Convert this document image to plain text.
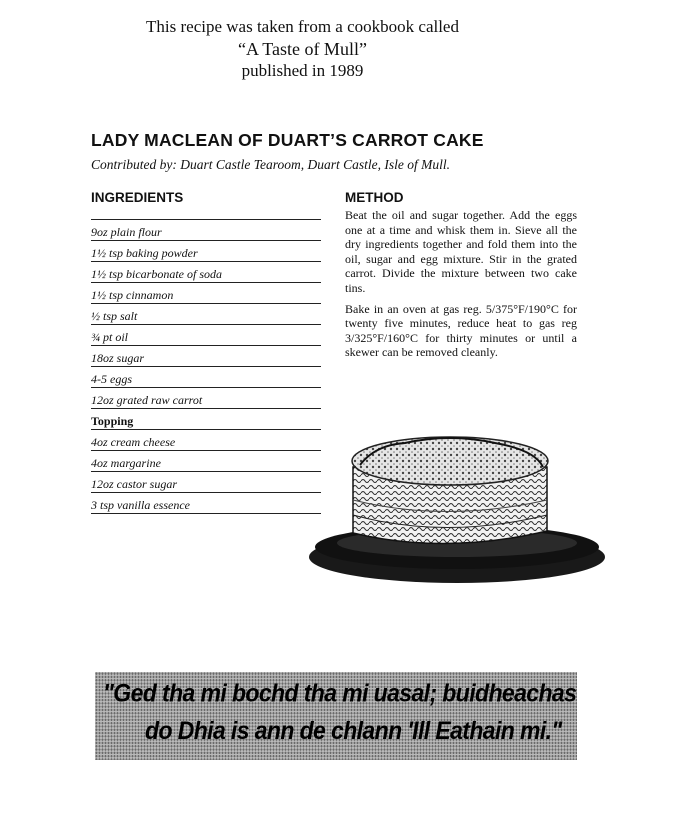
This recipe was taken from a cookbook called
“A Taste of Mull”
published in 1989
LADY MACLEAN OF DUART’S CARROT CAKE
Contributed by: Duart Castle Tearoom, Duart Castle, Isle of Mull.
INGREDIENTS
9oz plain flour
1½ tsp baking powder
1½ tsp bicarbonate of soda
1½ tsp cinnamon
½ tsp salt
¾ pt oil
18oz sugar
4-5 eggs
12oz grated raw carrot
Topping
4oz cream cheese
4oz margarine
12oz castor sugar
3 tsp vanilla essence
METHOD

Beat the oil and sugar together. Add the eggs one at a time and whisk them in. Sieve all the dry ingredients together and fold them into the oil, sugar and egg mixture. Stir in the grated carrot. Divide the mixture between two cake tins.

Bake in an oven at gas reg. 5/375°F/190°C for twenty five minutes, reduce heat to gas reg 3/325°F/160°C for thirty minutes or until a skewer can be removed cleanly.

"Ged tha mi bochd tha mi uasal; buidheachas
do Dhia is ann de chlann 'Ill Eathain mi."
